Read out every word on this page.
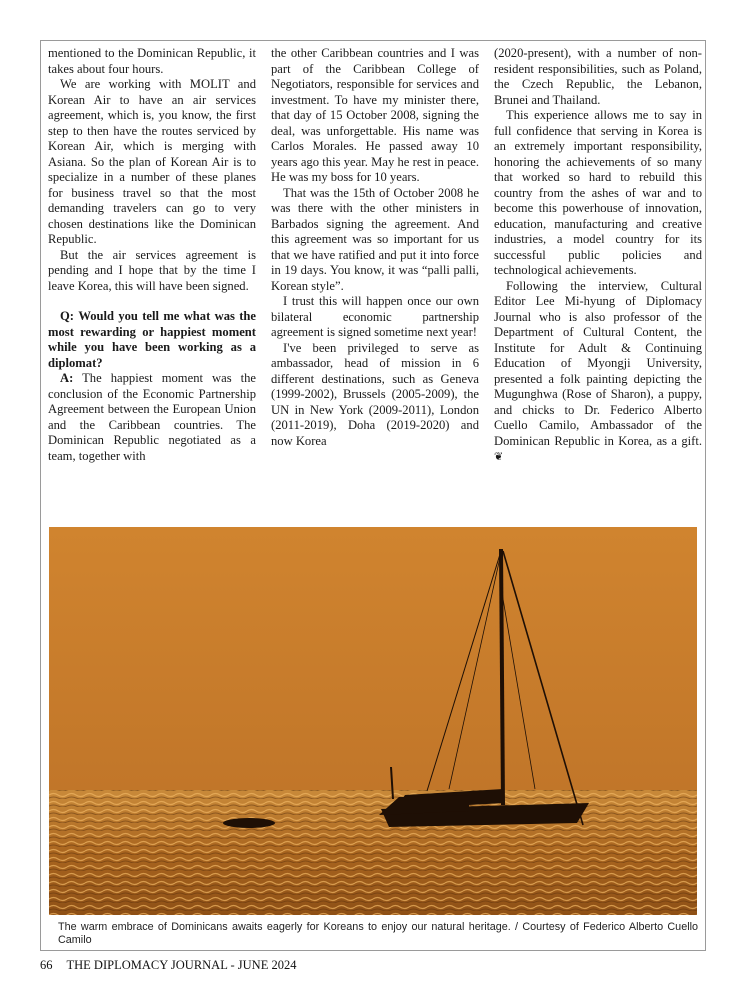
mentioned to the Dominican Republic, it takes about four hours.

We are working with MOLIT and Korean Air to have an air services agreement, which is, you know, the first step to then have the routes serviced by Korean Air, which is merging with Asiana. So the plan of Korean Air is to specialize in a number of these planes for business travel so that the most demanding travelers can go to very chosen destinations like the Dominican Republic.

But the air services agreement is pending and I hope that by the time I leave Korea, this will have been signed.

Q: Would you tell me what was the most rewarding or happiest moment while you have been working as a diplomat?

A: The happiest moment was the conclusion of the Economic Partnership Agreement between the European Union and the Caribbean countries. The Dominican Republic negotiated as a team, together with

the other Caribbean countries and I was part of the Caribbean College of Negotiators, responsible for services and investment. To have my minister there, that day of 15 October 2008, signing the deal, was unforgettable. His name was Carlos Morales. He passed away 10 years ago this year. May he rest in peace. He was my boss for 10 years.

That was the 15th of October 2008 he was there with the other ministers in Barbados signing the agreement. And this agreement was so important for us that we have ratified and put it into force in 19 days. You know, it was “palli palli, Korean style”.

I trust this will happen once our own bilateral economic partnership agreement is signed sometime next year!

I've been privileged to serve as ambassador, head of mission in 6 different destinations, such as Geneva (1999-2002), Brussels (2005-2009), the UN in New York (2009-2011), London (2011-2019), Doha (2019-2020) and now Korea

(2020-present), with a number of non-resident responsibilities, such as Poland, the Czech Republic, the Lebanon, Brunei and Thailand.

This experience allows me to say in full confidence that serving in Korea is an extremely important responsibility, honoring the achievements of so many that worked so hard to rebuild this country from the ashes of war and to become this powerhouse of innovation, education, manufacturing and creative industries, a model country for its successful public policies and technological achievements.

Following the interview, Cultural Editor Lee Mi-hyung of Diplomacy Journal who is also professor of the Department of Cultural Content, the Institute for Adult & Continuing Education of Myongji University, presented a folk painting depicting the Mugunghwa (Rose of Sharon), a puppy, and chicks to Dr. Federico Alberto Cuello Camilo, Ambassador of the Dominican Republic in Korea, as a gift. ❦

The warm embrace of Dominicans awaits eagerly for Koreans to enjoy our natural heritage. / Courtesy of Federico Alberto Cuello Camilo
66 THE DIPLOMACY JOURNAL - JUNE 2024
